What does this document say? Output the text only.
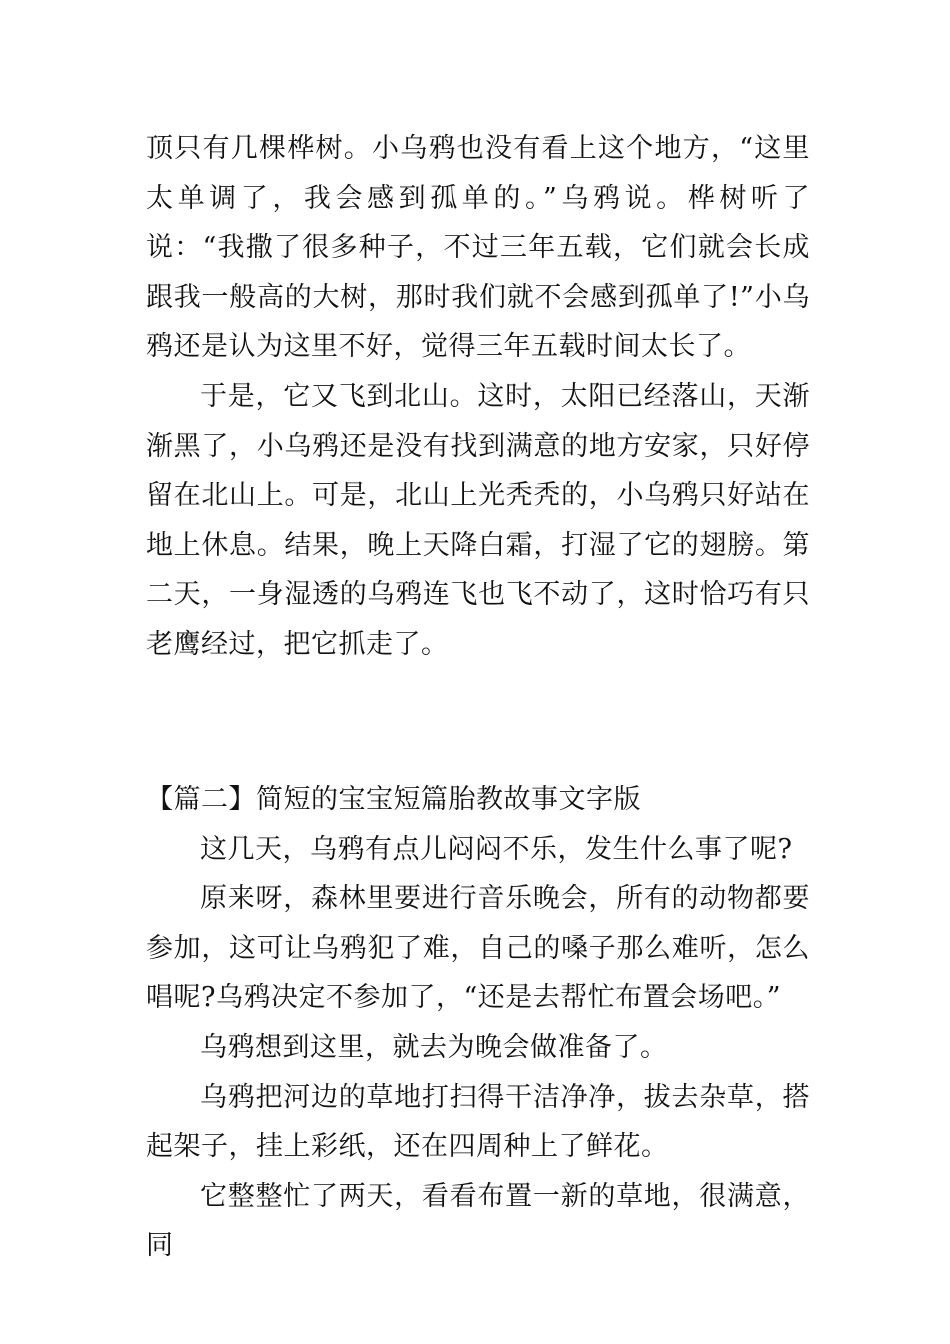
顶只有几棵桦树。小乌鸦也没有看上这个地方，“这里太单调了，我会感到孤单的。”乌鸦说。桦树听了说：“我撒了很多种子，不过三年五载，它们就会长成跟我一般高的大树，那时我们就不会感到孤单了!”小乌鸦还是认为这里不好，觉得三年五载时间太长了。

于是，它又飞到北山。这时，太阳已经落山，天渐渐黑了，小乌鸦还是没有找到满意的地方安家，只好停留在北山上。可是，北山上光秃秃的，小乌鸦只好站在地上休息。结果，晚上天降白霜，打湿了它的翅膀。第二天，一身湿透的乌鸦连飞也飞不动了，这时恰巧有只老鹰经过，把它抓走了。

【篇二】简短的宝宝短篇胎教故事文字版

这几天，乌鸦有点儿闷闷不乐，发生什么事了呢?

原来呀，森林里要进行音乐晚会，所有的动物都要参加，这可让乌鸦犯了难，自己的嗓子那么难听，怎么唱呢?乌鸦决定不参加了，“还是去帮忙布置会场吧。”

乌鸦想到这里，就去为晚会做准备了。

乌鸦把河边的草地打扫得干洁净净，拔去杂草，搭起架子，挂上彩纸，还在四周种上了鲜花。

它整整忙了两天，看看布置一新的草地，很满意，同
